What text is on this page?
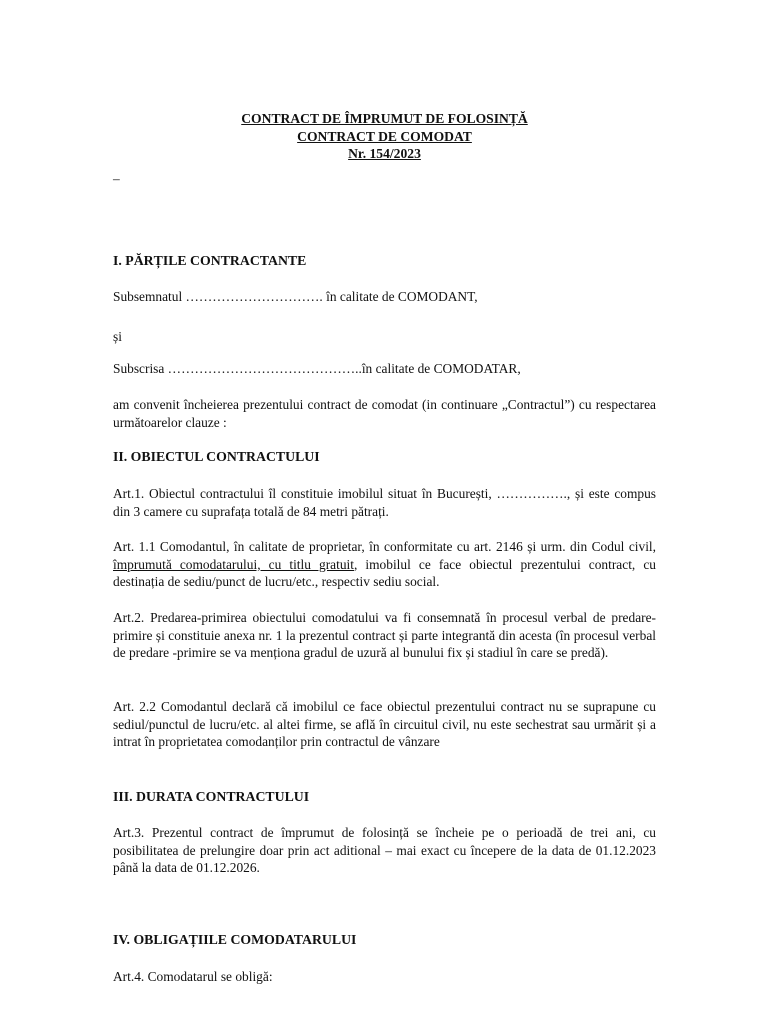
CONTRACT DE ÎMPRUMUT DE FOLOSINȚĂ
CONTRACT DE COMODAT
Nr. 154/2023
–
I. PĂRȚILE CONTRACTANTE
Subsemnatul …………………………. în calitate de COMODANT,
și
Subscrisa ……………………………………..în calitate de COMODATAR,
am convenit încheierea prezentului contract de comodat (in continuare „Contractul”) cu respectarea următoarelor clauze :
II. OBIECTUL CONTRACTULUI
Art.1. Obiectul contractului îl constituie imobilul situat în București, ……………., și este compus din 3 camere cu suprafața totală de 84 metri pătrați.
Art. 1.1 Comodantul, în calitate de proprietar, în conformitate cu art. 2146 și urm. din Codul civil, împrumută comodatarului, cu titlu gratuit, imobilul ce face obiectul prezentului contract, cu destinația de sediu/punct de lucru/etc., respectiv sediu social.
Art.2. Predarea-primirea obiectului comodatului va fi consemnată în procesul verbal de predare-primire și constituie anexa nr. 1 la prezentul contract și parte integrantă din acesta (în procesul verbal de predare -primire se va menționa gradul de uzură al bunului fix și stadiul în care se predă).
Art. 2.2 Comodantul declară că imobilul ce face obiectul prezentului contract nu se suprapune cu sediul/punctul de lucru/etc. al altei firme, se află în circuitul civil, nu este sechestrat sau urmărit și a intrat în proprietatea comodanților prin contractul de vânzare
III. DURATA CONTRACTULUI
Art.3. Prezentul contract de împrumut de folosință se încheie pe o perioadă de trei ani, cu posibilitatea de prelungire doar prin act aditional – mai exact cu începere de la data de 01.12.2023 până la data de 01.12.2026.
IV. OBLIGAȚIILE COMODATARULUI
Art.4. Comodatarul se obligă:
